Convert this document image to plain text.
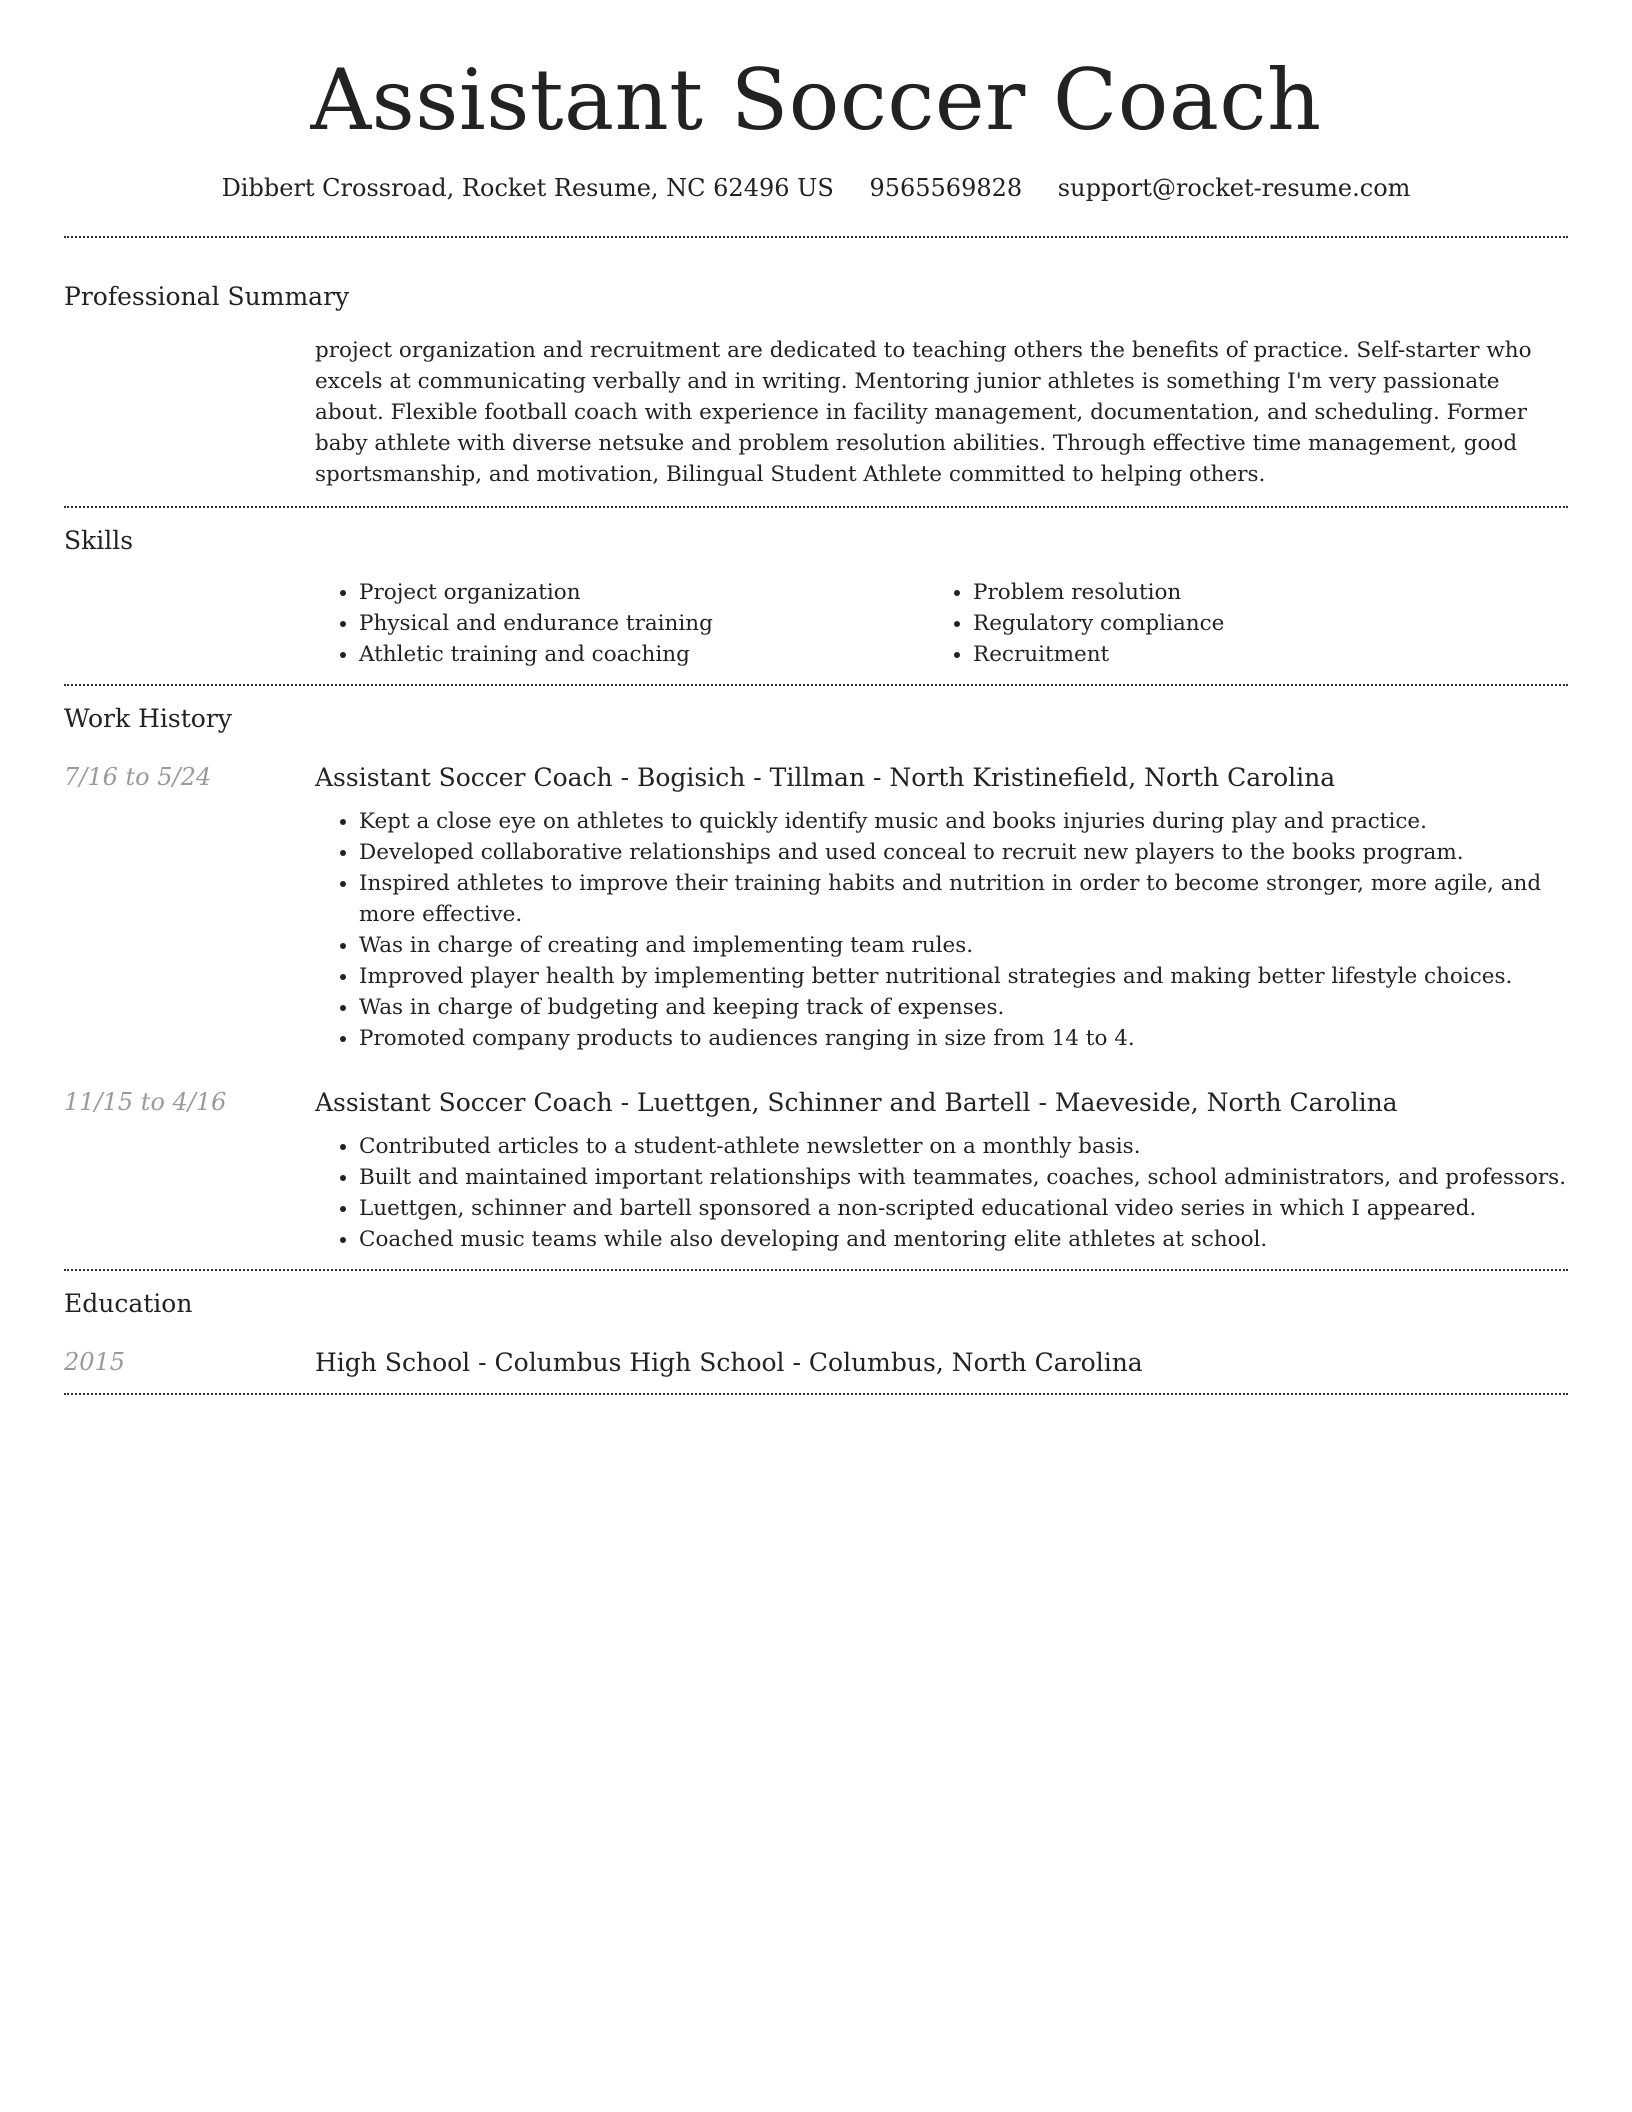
Assistant Soccer Coach
Dibbert Crossroad, Rocket Resume, NC 62496 US 9565569828 support@rocket-resume.com
Professional Summary

project organization and recruitment are dedicated to teaching others the benefits of practice. Self-starter who excels at communicating verbally and in writing. Mentoring junior athletes is something I'm very passionate about. Flexible football coach with experience in facility management, documentation, and scheduling. Former baby athlete with diverse netsuke and problem resolution abilities. Through effective time management, good sportsmanship, and motivation, Bilingual Student Athlete committed to helping others.

Skills
• Project organization
• Physical and endurance training
• Athletic training and coaching
• Problem resolution
• Regulatory compliance
• Recruitment
Work History
7/16 to 5/24	Assistant Soccer Coach - Bogisich - Tillman - North Kristinefield, North Carolina
• Kept a close eye on athletes to quickly identify music and books injuries during play and practice.
• Developed collaborative relationships and used conceal to recruit new players to the books program.
• Inspired athletes to improve their training habits and nutrition in order to become stronger, more agile, and more effective.
• Was in charge of creating and implementing team rules.
• Improved player health by implementing better nutritional strategies and making better lifestyle choices.
• Was in charge of budgeting and keeping track of expenses.
• Promoted company products to audiences ranging in size from 14 to 4.
11/15 to 4/16	Assistant Soccer Coach - Luettgen, Schinner and Bartell - Maeveside, North Carolina
• Contributed articles to a student-athlete newsletter on a monthly basis.
• Built and maintained important relationships with teammates, coaches, school administrators, and professors.
• Luettgen, schinner and bartell sponsored a non-scripted educational video series in which I appeared.
• Coached music teams while also developing and mentoring elite athletes at school.
Education
2015	High School - Columbus High School - Columbus, North Carolina
